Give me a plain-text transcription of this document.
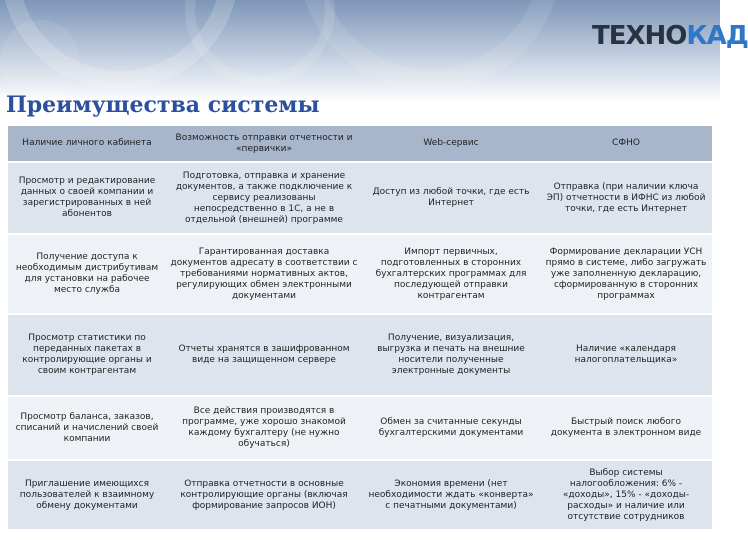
ТЕХНОКАД
Преимущества системы
Наличие личного кабинета	Возможность отправки отчетности и «первички»	Web-сервис	СФНО
Просмотр и редактирование данных о своей компании и зарегистрированных в ней абонентов	Подготовка, отправка и хранение документов, а также подключение к сервису реализованы непосредственно в 1С, а не в отдельной (внешней) программе	Доступ из любой точки, где есть Интернет	Отправка (при наличии ключа ЭП) отчетности в ИФНС из любой точки, где есть Интернет
Получение доступа к необходимым дистрибутивам для установки на рабочее место служба	Гарантированная доставка документов адресату в соответствии с требованиями нормативных актов, регулирующих обмен электронными документами	Импорт первичных, подготовленных в сторонних бухгалтерских программах для последующей отправки контрагентам	Формирование декларации УСН прямо в системе, либо загружать уже заполненную декларацию, сформированную в сторонних программах
Просмотр статистики по переданных пакетах в контролирующие органы и своим контрагентам	Отчеты хранятся в зашифрованном виде на защищенном сервере	Получение, визуализация, выгрузка и печать на внешние носители полученные электронные документы	Наличие «календаря налогоплательщика»
Просмотр баланса, заказов, списаний и начислений своей компании	Все действия производятся в программе, уже хорошо знакомой каждому бухгалтеру (не нужно обучаться)	Обмен за считанные секунды бухгалтерскими документами	Быстрый поиск любого документа в электронном виде
Приглашение имеющихся пользователей к взаимному обмену документами	Отправка отчетности в основные контролирующие органы (включая формирование запросов ИОН)	Экономия времени (нет необходимости ждать «конверта» с печатными документами)	Выбор системы налогообложения: 6% - «доходы», 15% - «доходы-расходы» и наличие или отсутствие сотрудников
